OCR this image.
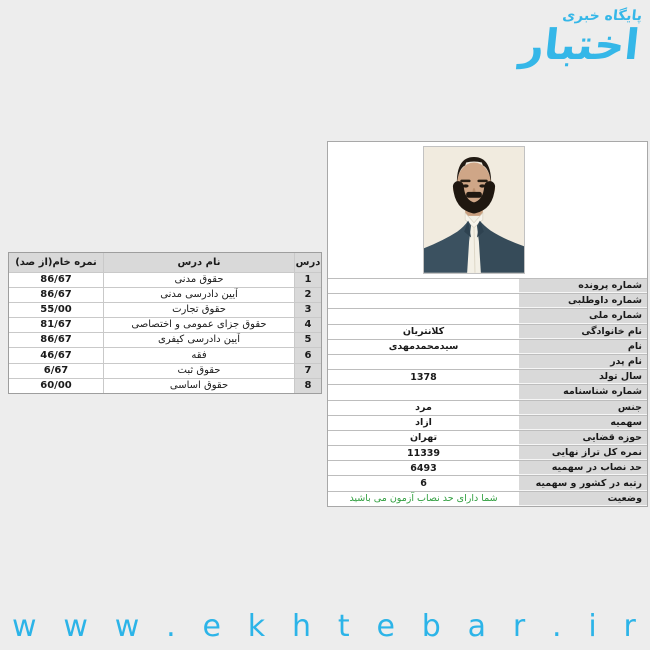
پایگاه خبری
اختبار
نمره خام(از صد)	نام درس	درس
86/67	حقوق مدنی	1
86/67	آیین دادرسی مدنی	2
55/00	حقوق تجارت	3
81/67	حقوق جزای عمومی و اختصاصی	4
86/67	آیین دادرسی کیفری	5
46/67	فقه	6
6/67	حقوق ثبت	7
60/00	حقوق اساسی	8
شماره پرونده
شماره داوطلبی
شماره ملی
کلانتریان	نام خانوادگی
سیدمحمدمهدی	نام
نام پدر
1378	سال تولد
شماره شناسنامه
مرد	جنس
ازاد	سهمیه
تهران	حوزه قضایی
11339	نمره کل تراز نهایی
6493	حد نصاب در سهمیه
6	رتبه در کشور و سهمیه
شما دارای حد نصاب آزمون می باشید	وضعیت
w w w . e k h t e b a r . i r
